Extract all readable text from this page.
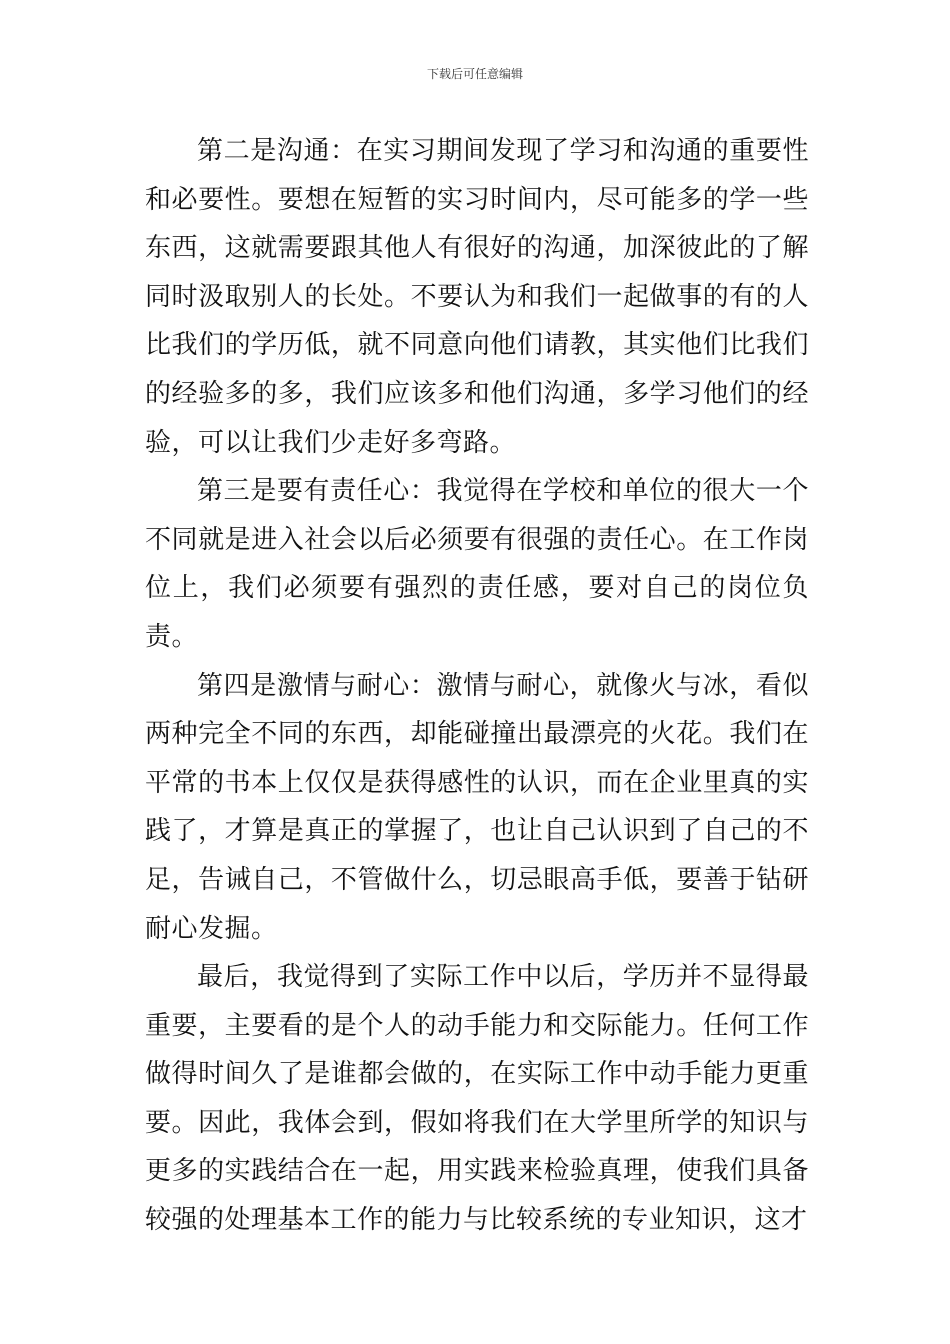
下载后可任意编辑

第二是沟通：在实习期间发现了学习和沟通的重要性和必要性。要想在短暂的实习时间内，尽可能多的学一些东西，这就需要跟其他人有很好的沟通，加深彼此的了解同时汲取别人的长处。不要认为和我们一起做事的有的人比我们的学历低，就不同意向他们请教，其实他们比我们的经验多的多，我们应该多和他们沟通，多学习他们的经验，可以让我们少走好多弯路。

第三是要有责任心：我觉得在学校和单位的很大一个不同就是进入社会以后必须要有很强的责任心。在工作岗位上，我们必须要有强烈的责任感，要对自己的岗位负责。

第四是激情与耐心：激情与耐心，就像火与冰，看似两种完全不同的东西，却能碰撞出最漂亮的火花。我们在平常的书本上仅仅是获得感性的认识，而在企业里真的实践了，才算是真正的掌握了，也让自己认识到了自己的不足，告诫自己，不管做什么，切忌眼高手低，要善于钻研耐心发掘。

最后，我觉得到了实际工作中以后，学历并不显得最重要，主要看的是个人的动手能力和交际能力。任何工作做得时间久了是谁都会做的，在实际工作中动手能力更重要。因此，我体会到，假如将我们在大学里所学的知识与更多的实践结合在一起，用实践来检验真理，使我们具备较强的处理基本工作的能力与比较系统的专业知识，这才
